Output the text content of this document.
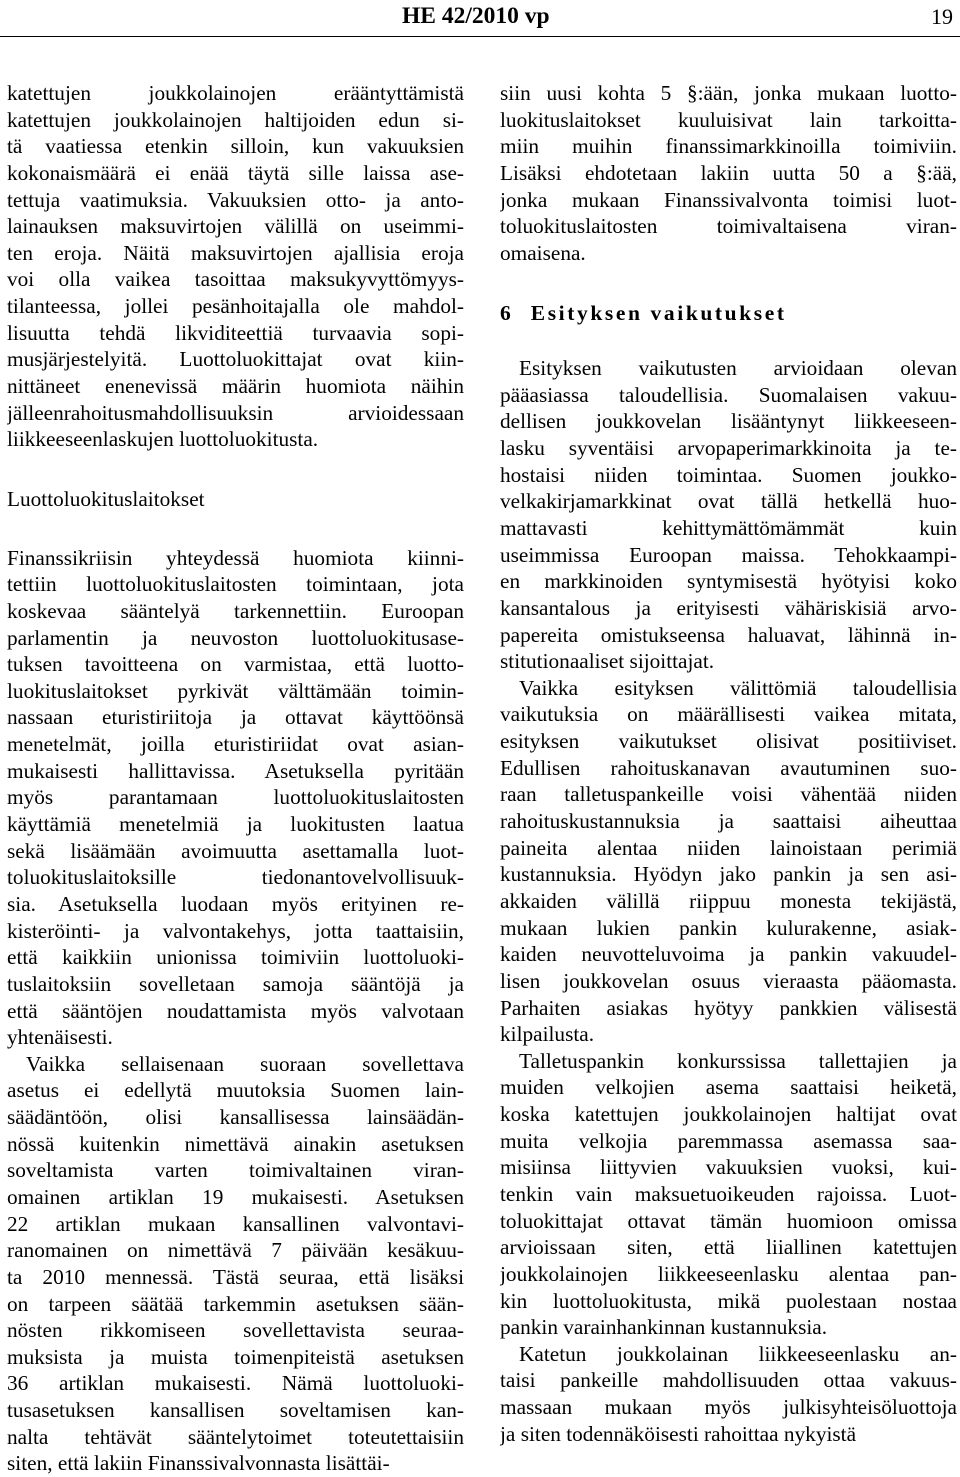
HE 42/2010 vp	19
katettujen joukkolainojen erääntyttämistä
katettujen joukkolainojen haltijoiden edun si-
tä vaatiessa etenkin silloin, kun vakuuksien
kokonaismäärä ei enää täytä sille laissa ase-
tettuja vaatimuksia. Vakuuksien otto- ja anto-
lainauksen maksuvirtojen välillä on useimmi-
ten eroja. Näitä maksuvirtojen ajallisia eroja
voi olla vaikea tasoittaa maksukyvyttömyys-
tilanteessa, jollei pesänhoitajalla ole mahdol-
lisuutta tehdä likviditeettiä turvaavia sopi-
musjärjestelyitä. Luottoluokittajat ovat kiin-
nittäneet enenevissä määrin huomiota näihin
jälleenrahoitusmahdollisuuksin arvioidessaan
liikkeeseenlaskujen luottoluokitusta.
Luottoluokituslaitokset
Finanssikriisin yhteydessä huomiota kiinni-
tettiin luottoluokituslaitosten toimintaan, jota
koskevaa sääntelyä tarkennettiin. Euroopan
parlamentin ja neuvoston luottoluokitusase-
tuksen tavoitteena on varmistaa, että luotto-
luokituslaitokset pyrkivät välttämään toimin-
nassaan eturistiriitoja ja ottavat käyttöönsä
menetelmät, joilla eturistiriidat ovat asian-
mukaisesti hallittavissa. Asetuksella pyritään
myös parantamaan luottoluokituslaitosten
käyttämiä menetelmiä ja luokitusten laatua
sekä lisäämään avoimuutta asettamalla luot-
toluokituslaitoksille tiedonantovelvollisuuk-
sia. Asetuksella luodaan myös erityinen re-
kisteröinti- ja valvontakehys, jotta taattaisiin,
että kaikkiin unionissa toimiviin luottoluoki-
tuslaitoksiin sovelletaan samoja sääntöjä ja
että sääntöjen noudattamista myös valvotaan
yhtenäisesti.
Vaikka sellaisenaan suoraan sovellettava
asetus ei edellytä muutoksia Suomen lain-
säädäntöön, olisi kansallisessa lainsäädän-
nössä kuitenkin nimettävä ainakin asetuksen
soveltamista varten toimivaltainen viran-
omainen artiklan 19 mukaisesti. Asetuksen
22 artiklan mukaan kansallinen valvontavi-
ranomainen on nimettävä 7 päivään kesäkuu-
ta 2010 mennessä. Tästä seuraa, että lisäksi
on tarpeen säätää tarkemmin asetuksen sään-
nösten rikkomiseen sovellettavista seuraa-
muksista ja muista toimenpiteistä asetuksen
36 artiklan mukaisesti. Nämä luottoluoki-
tusasetuksen kansallisen soveltamisen kan-
nalta tehtävät sääntelytoimet toteutettaisiin
siten, että lakiin Finanssivalvonnasta lisättäi-
siin uusi kohta 5 §:ään, jonka mukaan luotto-
luokituslaitokset kuuluisivat lain tarkoitta-
miin muihin finanssimarkkinoilla toimiviin.
Lisäksi ehdotetaan lakiin uutta 50 a §:ää,
jonka mukaan Finanssivalvonta toimisi luot-
toluokituslaitosten toimivaltaisena viran-
omaisena.
6 Esityksen vaikutukset
Esityksen vaikutusten arvioidaan olevan
pääasiassa taloudellisia. Suomalaisen vakuu-
dellisen joukkovelan lisääntynyt liikkeeseen-
lasku syventäisi arvopaperimarkkinoita ja te-
hostaisi niiden toimintaa. Suomen joukko-
velkakirjamarkkinat ovat tällä hetkellä huo-
mattavasti kehittymättömämmät kuin
useimmissa Euroopan maissa. Tehokkaampi-
en markkinoiden syntymisestä hyötyisi koko
kansantalous ja erityisesti vähäriskisiä arvo-
papereita omistukseensa haluavat, lähinnä in-
stitutionaaliset sijoittajat.
Vaikka esityksen välittömiä taloudellisia
vaikutuksia on määrällisesti vaikea mitata,
esityksen vaikutukset olisivat positiiviset.
Edullisen rahoituskanavan avautuminen suo-
raan talletuspankeille voisi vähentää niiden
rahoituskustannuksia ja saattaisi aiheuttaa
paineita alentaa niiden lainoistaan perimiä
kustannuksia. Hyödyn jako pankin ja sen asi-
akkaiden välillä riippuu monesta tekijästä,
mukaan lukien pankin kulurakenne, asiak-
kaiden neuvotteluvoima ja pankin vakuudel-
lisen joukkovelan osuus vieraasta pääomasta.
Parhaiten asiakas hyötyy pankkien välisestä
kilpailusta.
Talletuspankin konkurssissa tallettajien ja
muiden velkojien asema saattaisi heiketä,
koska katettujen joukkolainojen haltijat ovat
muita velkojia paremmassa asemassa saa-
misiinsa liittyvien vakuuksien vuoksi, kui-
tenkin vain maksuetuoikeuden rajoissa. Luot-
toluokittajat ottavat tämän huomioon omissa
arvioissaan siten, että liiallinen katettujen
joukkolainojen liikkeeseenlasku alentaa pan-
kin luottoluokitusta, mikä puolestaan nostaa
pankin varainhankinnan kustannuksia.
Katetun joukkolainan liikkeeseenlasku an-
taisi pankeille mahdollisuuden ottaa vakuus-
massaan mukaan myös julkisyhteisöluottoja
ja siten todennäköisesti rahoittaa nykyistä
